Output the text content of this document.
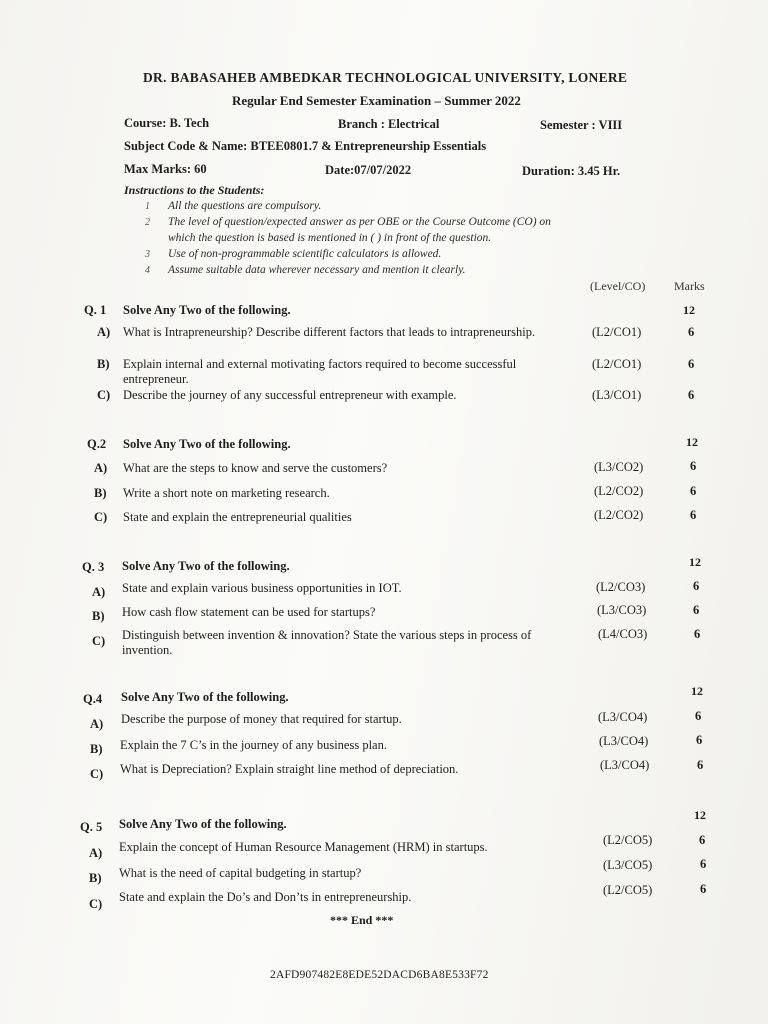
DR. BABASAHEB AMBEDKAR TECHNOLOGICAL UNIVERSITY, LONERE
Regular End Semester Examination – Summer 2022
Course: B. Tech	Branch : Electrical	Semester : VIII
Subject Code & Name: BTEE0801.7 & Entrepreneurship Essentials
Max Marks: 60	Date:07/07/2022	Duration: 3.45 Hr.
Instructions to the Students:
1 All the questions are compulsory.
2 The level of question/expected answer as per OBE or the Course Outcome (CO) on
which the question is based is mentioned in ( ) in front of the question.
3 Use of non-programmable scientific calculators is allowed.
4 Assume suitable data wherever necessary and mention it clearly.
(Level/CO) Marks
Q. 1 Solve Any Two of the following.	12
A) What is Intrapreneurship? Describe different factors that leads to intrapreneurship.	(L2/CO1)	6
B) Explain internal and external motivating factors required to become successful entrepreneur.
(L2/CO1)	6
C) Describe the journey of any successful entrepreneur with example.	(L3/CO1)	6
Q.2 Solve Any Two of the following.	12
A) What are the steps to know and serve the customers?	(L3/CO2)	6
B) Write a short note on marketing research.	(L2/CO2)	6
C) State and explain the entrepreneurial qualities	(L2/CO2)	6
Q. 3 Solve Any Two of the following.	12
A) State and explain various business opportunities in IOT.	(L2/CO3)	6
B) How cash flow statement can be used for startups?	(L3/CO3)	6
C) Distinguish between invention & innovation? State the various steps in process of invention.
(L4/CO3)	6
Q.4 Solve Any Two of the following.	12
A) Describe the purpose of money that required for startup.	(L3/CO4)	6
B) Explain the 7 C’s in the journey of any business plan.	(L3/CO4)	6
C) What is Depreciation? Explain straight line method of depreciation.	(L3/CO4)	6
Q. 5 Solve Any Two of the following.
12
A) Explain the concept of Human Resource Management (HRM) in startups.	(L2/CO5)	6
B) What is the need of capital budgeting in startup?
(L3/CO5)	6
C) State and explain the Do’s and Don’ts in entrepreneurship.	(L2/CO5)	6
*** End ***
2AFD907482E8EDE52DACD6BA8E533F72
